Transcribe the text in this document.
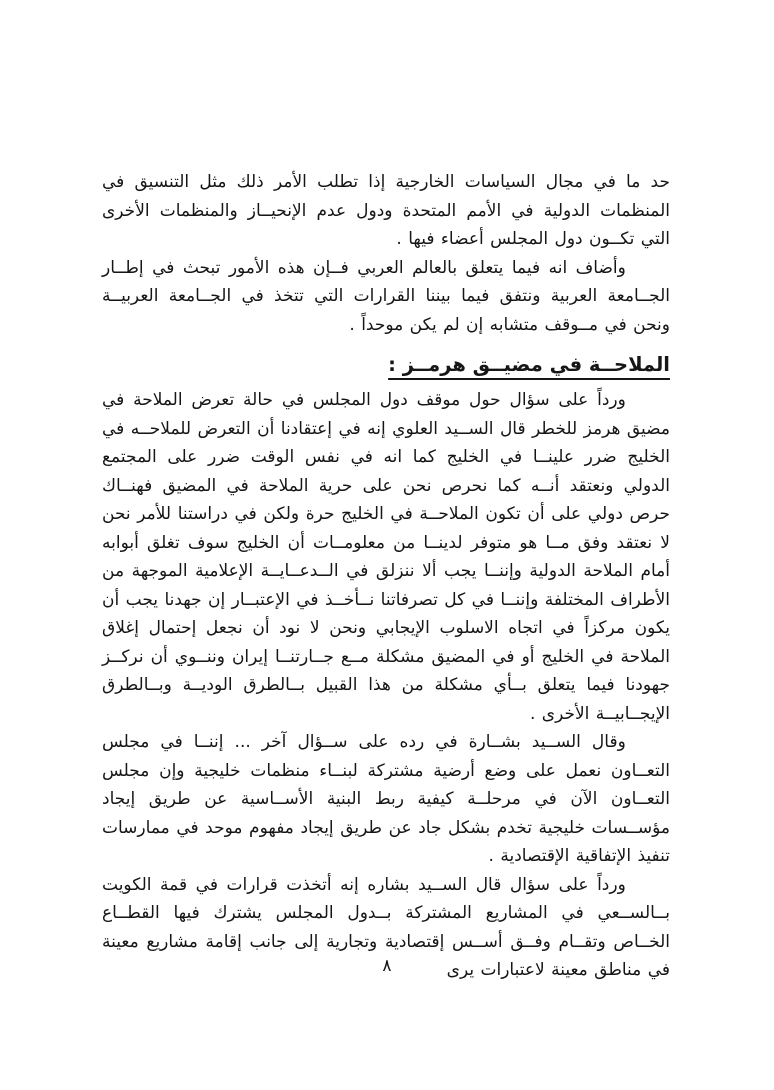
حد ما في مجال السياسات الخارجية إذا تطلب الأمر ذلك مثل التنسيق في المنظمات الدولية في الأمم المتحدة ودول عدم الإنحيــاز والمنظمات الأخرى التي تكــون دول المجلس أعضاء فيها .

وأضاف انه فيما يتعلق بالعالم العربي فــإن هذه الأمور تبحث في إطــار الجــامعة العربية ونتفق فيما بيننا القرارات التي تتخذ في الجــامعة العربيــة ونحن في مــوقف متشابه إن لم يكن موحداً .

الملاحــة في مضيــق هرمــز :

ورداً على سؤال حول موقف دول المجلس في حالة تعرض الملاحة في مضيق هرمز للخطر قال الســيد العلوي إنه في إعتقادنا أن التعرض للملاحــه في الخليج ضرر علينــا في الخليج كما انه في نفس الوقت ضرر على المجتمع الدولي ونعتقد أنــه كما نحرص نحن على حرية الملاحة في المضيق فهنــاك حرص دولي على أن تكون الملاحــة في الخليج حرة ولكن في دراستنا للأمر نحن لا نعتقد وفق مــا هو متوفر لدينــا من معلومــات أن الخليج سوف تغلق أبوابه أمام الملاحة الدولية وإننــا يجب ألا ننزلق في الــدعــايــة الإعلامية الموجهة من الأطراف المختلفة وإننــا في كل تصرفاتنا نــأخــذ في الإعتبــار إن جهدنا يجب أن يكون مركزاً في اتجاه الاسلوب الإيجابي ونحن لا نود أن نجعل إحتمال إغلاق الملاحة في الخليج أو في المضيق مشكلة مــع جــارتنــا إيران وننــوي أن نركــز جهودنا فيما يتعلق بــأي مشكلة من هذا القبيل بــالطرق الوديــة وبــالطرق الإيجــابيــة الأخرى .

وقال الســيد بشــارة في رده على ســؤال آخر ... إننــا في مجلس التعــاون نعمل على وضع أرضية مشتركة لبنــاء منظمات خليجية وإن مجلس التعــاون الآن في مرحلــة كيفية ربط البنية الأســاسية عن طريق إيجاد مؤســسات خليجية تخدم بشكل جاد عن طريق إيجاد مفهوم موحد في ممارسات تنفيذ الإتفاقية الإقتصادية .

ورداً على سؤال قال الســيد بشاره إنه أتخذت قرارات في قمة الكويت بــالســعي في المشاريع المشتركة بــدول المجلس يشترك فيها القطــاع الخــاص وتقــام وفــق أســس إقتصادية وتجارية إلى جانب إقامة مشاريع معينة في مناطق معينة لاعتبارات يرى

٨
